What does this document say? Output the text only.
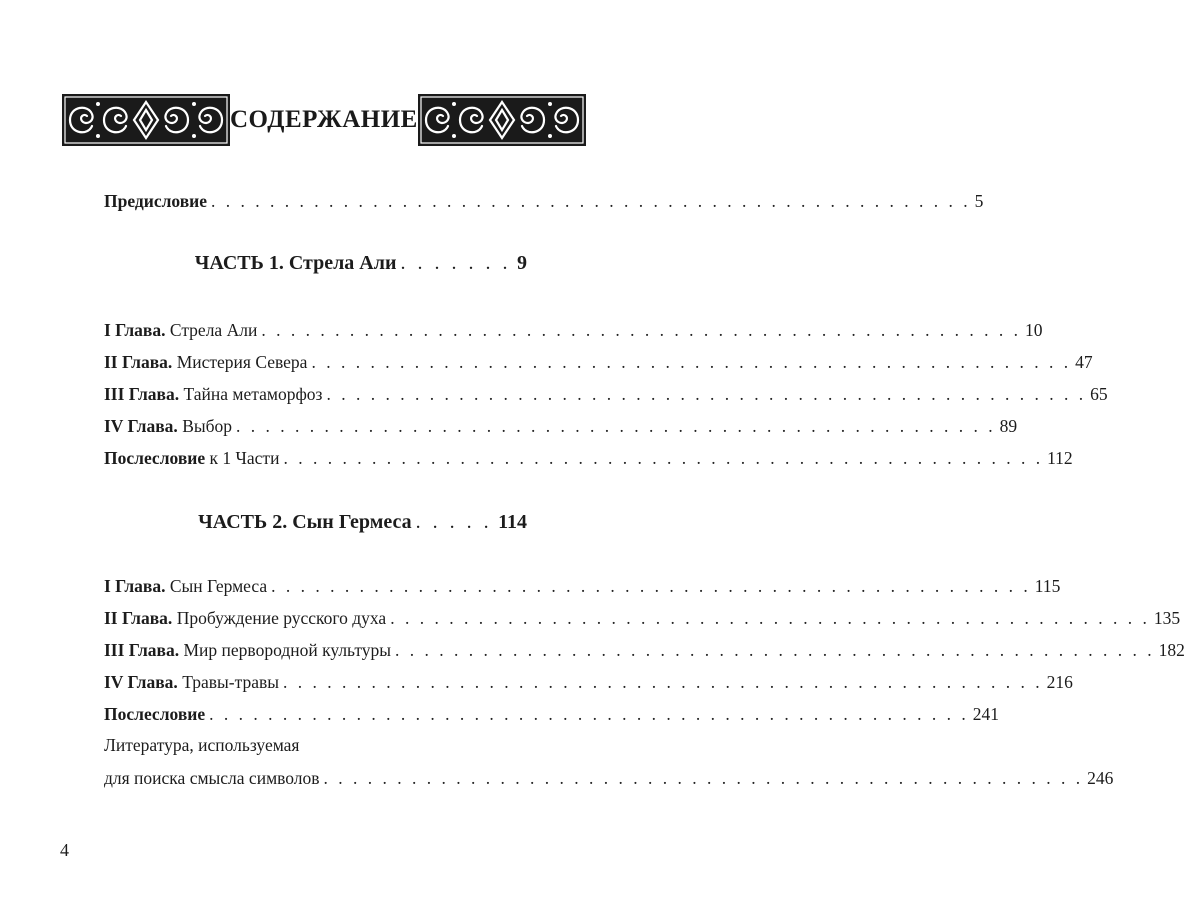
СОДЕРЖАНИЕ
Предисловие . . . . . . . . . . . . . . . . . . . . . . . . . . . . . . . . . . . . . . . . . . . . . . . . . . . . 5
ЧАСТЬ 1. Стрела Али . . . . . . . 9
I Глава. Стрела Али . . . . . . . . . . . . . . . . . . . . . . . . . . . . . . . . . . . . . . . . . . . . . . . . . . . . 10
II Глава. Мистерия Севера . . . . . . . . . . . . . . . . . . . . . . . . . . . . . . . . . . . . . . . . . . . . . . . . . . . . 47
III Глава. Тайна метаморфоз . . . . . . . . . . . . . . . . . . . . . . . . . . . . . . . . . . . . . . . . . . . . . . . . . . . . 65
IV Глава. Выбор . . . . . . . . . . . . . . . . . . . . . . . . . . . . . . . . . . . . . . . . . . . . . . . . . . . . 89
Послесловие к 1 Части . . . . . . . . . . . . . . . . . . . . . . . . . . . . . . . . . . . . . . . . . . . . . . . . . . . . 112
ЧАСТЬ 2. Сын Гермеса . . . . . 114
I Глава. Сын Гермеса . . . . . . . . . . . . . . . . . . . . . . . . . . . . . . . . . . . . . . . . . . . . . . . . . . . . 115
II Глава. Пробуждение русского духа . . . . . . . . . . . . . . . . . . . . . . . . . . . . . . . . . . . . . . . . . . . . . . . . . . . . 135
III Глава. Мир первородной культуры . . . . . . . . . . . . . . . . . . . . . . . . . . . . . . . . . . . . . . . . . . . . . . . . . . . . 182
IV Глава. Травы-травы . . . . . . . . . . . . . . . . . . . . . . . . . . . . . . . . . . . . . . . . . . . . . . . . . . . . 216
Послесловие . . . . . . . . . . . . . . . . . . . . . . . . . . . . . . . . . . . . . . . . . . . . . . . . . . . . 241
Литература, используемая
для поиска смысла символов . . . . . . . . . . . . . . . . . . . . . . . . . . . . . . . . . . . . . . . . . . . . . . . . . . . . 246
4
